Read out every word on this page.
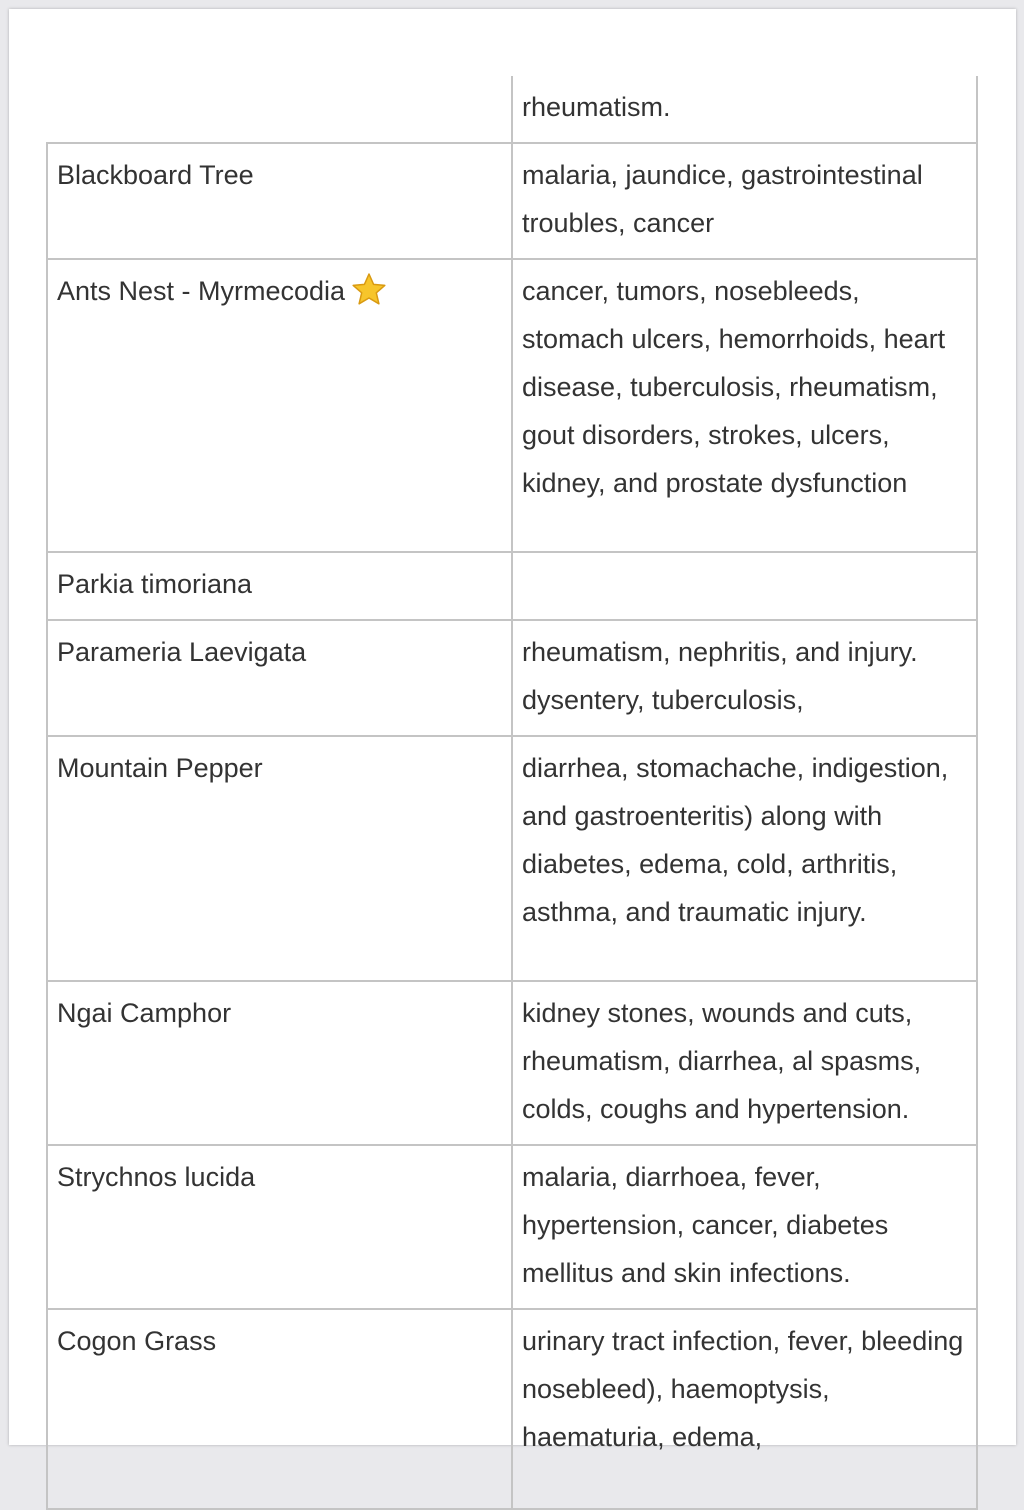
	rheumatism.
Blackboard Tree	malaria, jaundice, gastrointestinal troubles, cancer
Ants Nest - Myrmecodia	cancer, tumors, nosebleeds, stomach ulcers, hemorrhoids, heart disease, tuberculosis, rheumatism, gout disorders, strokes, ulcers, kidney, and prostate dysfunction
Parkia timoriana	
Parameria Laevigata	rheumatism, nephritis, and injury. dysentery, tuberculosis,
Mountain Pepper	diarrhea, stomachache, indigestion, and gastroenteritis) along with diabetes, edema, cold, arthritis, asthma, and traumatic injury.
Ngai Camphor	kidney stones, wounds and cuts, rheumatism, diarrhea, al spasms, colds, coughs and hypertension.
Strychnos lucida	malaria, diarrhoea, fever, hypertension, cancer, diabetes mellitus and skin infections.
Cogon Grass	urinary tract infection, fever, bleeding nosebleed), haemoptysis, haematuria, edema,
